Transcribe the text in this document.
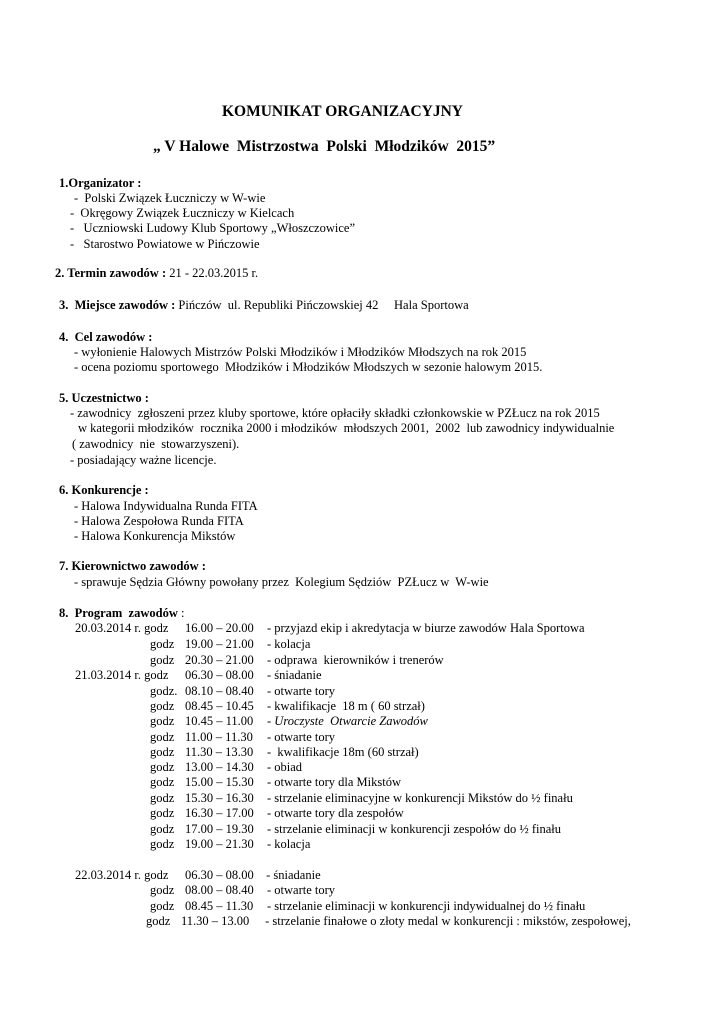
KOMUNIKAT ORGANIZACYJNY
„ V Halowe  Mistrzostwa  Polski  Młodzików  2015”
1.Organizator :
-  Polski Związek Łuczniczy w W-wie
-  Okręgowy Związek Łuczniczy w Kielcach
-   Uczniowski Ludowy Klub Sportowy „Włoszczowice”
-   Starostwo Powiatowe w Pińczowie
2. Termin zawodów : 21 - 22.03.2015 r.
3.  Miejsce zawodów : Pińczów  ul. Republiki Pińczowskiej 42     Hala Sportowa
4.  Cel zawodów :
- wyłonienie Halowych Mistrzów Polski Młodzików i Młodzików Młodszych na rok 2015
- ocena poziomu sportowego  Młodzików i Młodzików Młodszych w sezonie halowym 2015.
5. Uczestnictwo :
- zawodnicy  zgłoszeni przez kluby sportowe, które opłaciły składki członkowskie w PZŁucz na rok 2015
w kategorii młodzików  rocznika 2000 i młodzików  młodszych 2001,  2002  lub zawodnicy indywidualnie
( zawodnicy  nie  stowarzyszeni).
- posiadający ważne licencje.
6. Konkurencje :
- Halowa Indywidualna Runda FITA
- Halowa Zespołowa Runda FITA
- Halowa Konkurencja Mikstów
7. Kierownictwo zawodów :
- sprawuje Sędzia Główny powołany przez  Kolegium Sędziów  PZŁucz w  W-wie
8.  Program  zawodów :
20.03.2014 r. godz 16.00 – 20.00 - przyjazd ekip i akredytacja w biurze zawodów Hala Sportowa
godz 19.00 – 21.00 - kolacja
godz 20.30 – 21.00 - odprawa  kierowników i trenerów
21.03.2014 r. godz 06.30 – 08.00 - śniadanie
godz. 08.10 – 08.40 - otwarte tory
godz 08.45 – 10.45 - kwalifikacje  18 m ( 60 strzał)
godz 10.45 – 11.00 - Uroczyste  Otwarcie Zawodów
godz 11.00 – 11.30 - otwarte tory
godz 11.30 – 13.30 -  kwalifikacje 18m (60 strzał)
godz 13.00 – 14.30 - obiad
godz 15.00 – 15.30 - otwarte tory dla Mikstów
godz 15.30 – 16.30 - strzelanie eliminacyjne w konkurencji Mikstów do ½ finału
godz 16.30 – 17.00 - otwarte tory dla zespołów
godz 17.00 – 19.30 - strzelanie eliminacji w konkurencji zespołów do ½ finału
godz 19.00 – 21.30 - kolacja
22.03.2014 r. godz 06.30 – 08.00 - śniadanie
godz 08.00 – 08.40 - otwarte tory
godz 08.45 – 11.30 - strzelanie eliminacji w konkurencji indywidualnej do ½ finału
godz 11.30 – 13.00 - strzelanie finałowe o złoty medal w konkurencji : mikstów, zespołowej,
